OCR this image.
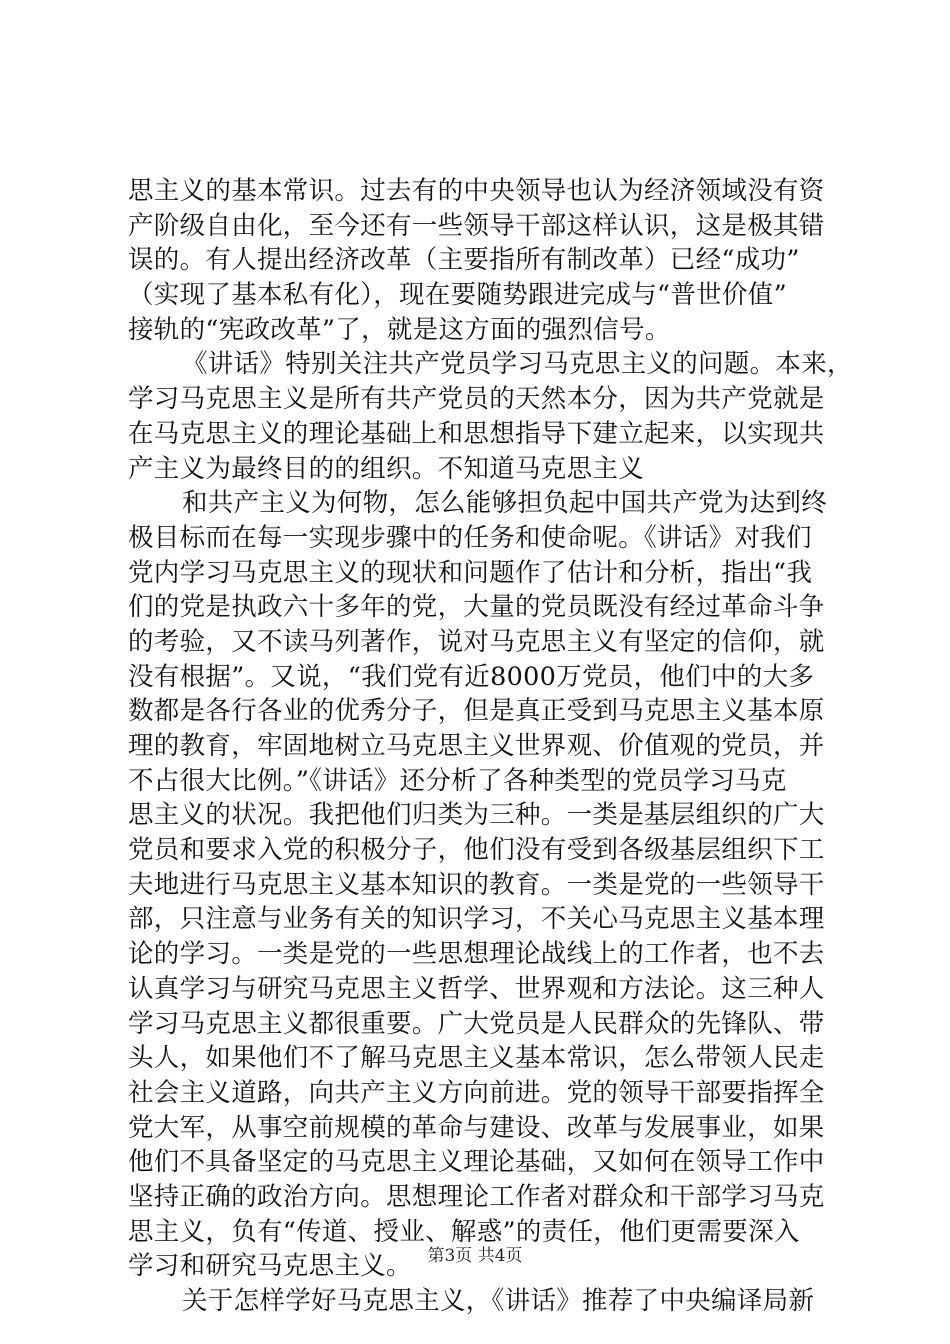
思主义的基本常识。过去有的中央领导也认为经济领域没有资
产阶级自由化，至今还有一些领导干部这样认识，这是极其错
误的。有人提出经济改革（主要指所有制改革）已经“成功”
（实现了基本私有化），现在要随势跟进完成与“普世价值”
接轨的“宪政改革”了，就是这方面的强烈信号。
《讲话》特别关注共产党员学习马克思主义的问题。本来，
学习马克思主义是所有共产党员的天然本分，因为共产党就是
在马克思主义的理论基础上和思想指导下建立起来，以实现共
产主义为最终目的的组织。不知道马克思主义
和共产主义为何物，怎么能够担负起中国共产党为达到终
极目标而在每一实现步骤中的任务和使命呢。《讲话》对我们
党内学习马克思主义的现状和问题作了估计和分析，指出“我
们的党是执政六十多年的党，大量的党员既没有经过革命斗争
的考验，又不读马列著作，说对马克思主义有坚定的信仰，就
没有根据”。又说，“我们党有近8000万党员，他们中的大多
数都是各行各业的优秀分子，但是真正受到马克思主义基本原
理的教育，牢固地树立马克思主义世界观、价值观的党员，并
不占很大比例。”《讲话》还分析了各种类型的党员学习马克
思主义的状况。我把他们归类为三种。一类是基层组织的广大
党员和要求入党的积极分子，他们没有受到各级基层组织下工
夫地进行马克思主义基本知识的教育。一类是党的一些领导干
部，只注意与业务有关的知识学习，不关心马克思主义基本理
论的学习。一类是党的一些思想理论战线上的工作者，也不去
认真学习与研究马克思主义哲学、世界观和方法论。这三种人
学习马克思主义都很重要。广大党员是人民群众的先锋队、带
头人，如果他们不了解马克思主义基本常识，怎么带领人民走
社会主义道路，向共产主义方向前进。党的领导干部要指挥全
党大军，从事空前规模的革命与建设、改革与发展事业，如果
他们不具备坚定的马克思主义理论基础，又如何在领导工作中
坚持正确的政治方向。思想理论工作者对群众和干部学习马克
思主义，负有“传道、授业、解惑”的责任，他们更需要深入
学习和研究马克思主义。
关于怎样学好马克思主义，《讲话》推荐了中央编译局新
第3页 共4页
